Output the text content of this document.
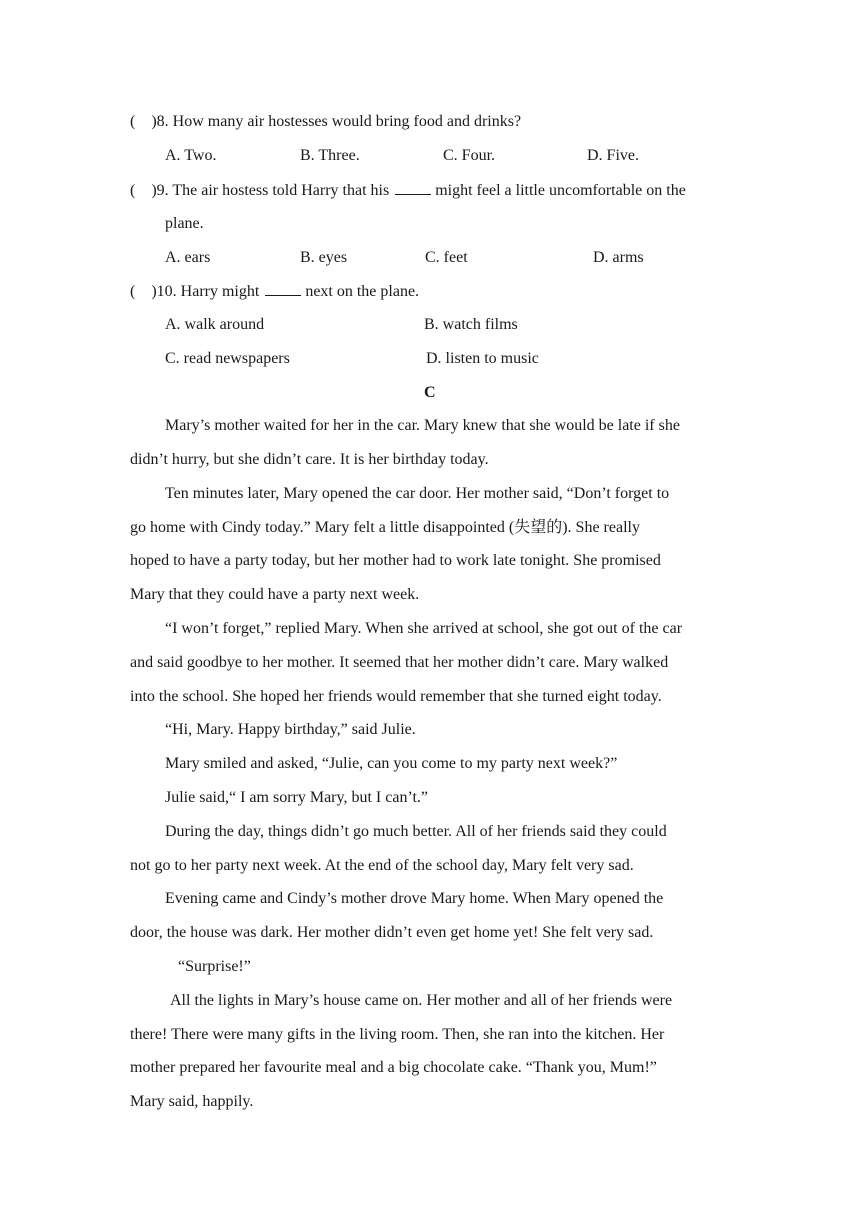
(    )8. How many air hostesses would bring food and drinks?
A. Two.	B. Three.	C. Four.	D. Five.
(    )9. The air hostess told Harry that his	might feel a little uncomfortable on the
plane.
A. ears	B. eyes	C. feet	D. arms
(    )10. Harry might	next on the plane.
A. walk around	B. watch films
C. read newspapers	D. listen to music
C
Mary’s mother waited for her in the car. Mary knew that she would be late if she
didn’t hurry, but she didn’t care. It is her birthday today.
Ten minutes later, Mary opened the car door. Her mother said, “Don’t forget to
go home with Cindy today.” Mary felt a little disappointed (失望的). She really
hoped to have a party today, but her mother had to work late tonight. She promised
Mary that they could have a party next week.
“I won’t forget,” replied Mary. When she arrived at school, she got out of the car
and said goodbye to her mother. It seemed that her mother didn’t care. Mary walked
into the school. She hoped her friends would remember that she turned eight today.
“Hi, Mary. Happy birthday,” said Julie.
Mary smiled and asked, “Julie, can you come to my party next week?”
Julie said,“ I am sorry Mary, but I can’t.”
During the day, things didn’t go much better. All of her friends said they could
not go to her party next week. At the end of the school day, Mary felt very sad.
Evening came and Cindy’s mother drove Mary home. When Mary opened the
door, the house was dark. Her mother didn’t even get home yet! She felt very sad.
“Surprise!”
All the lights in Mary’s house came on. Her mother and all of her friends were
there! There were many gifts in the living room. Then, she ran into the kitchen. Her
mother prepared her favourite meal and a big chocolate cake. “Thank you, Mum!”
Mary said, happily.
